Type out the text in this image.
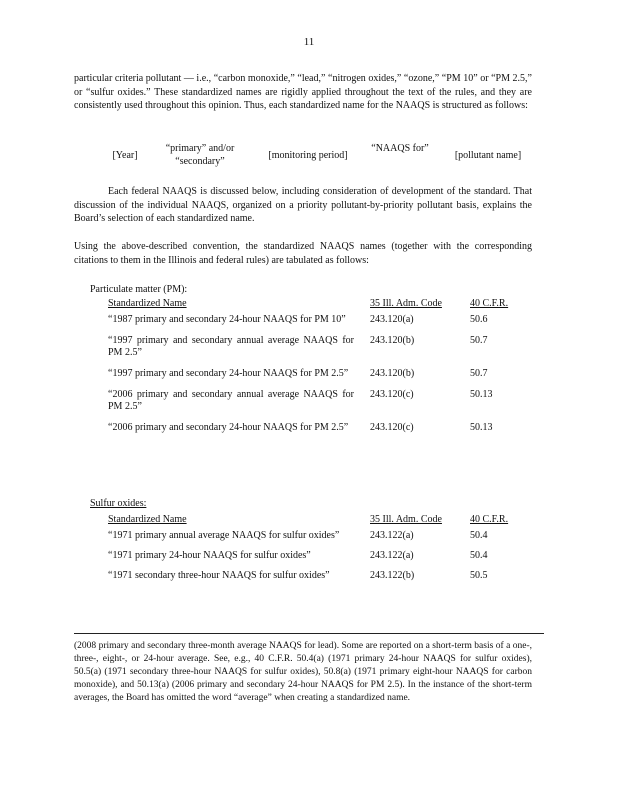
11
particular criteria pollutant — i.e., “carbon monoxide,” “lead,” “nitrogen oxides,” “ozone,” “PM 10” or “PM 2.5,” or “sulfur oxides.” These standardized names are rigidly applied throughout the text of the rules, and they are consistently used throughout this opinion. Thus, each standardized name for the NAAQS is structured as follows:
[Year]
“primary” and/or “secondary”
[monitoring period]
“NAAQS for”
[pollutant name]
Each federal NAAQS is discussed below, including consideration of development of the standard. That discussion of the individual NAAQS, organized on a priority pollutant-by-priority pollutant basis, explains the Board’s selection of each standardized name.
Using the above-described convention, the standardized NAAQS names (together with the corresponding citations to them in the Illinois and federal rules) are tabulated as follows:
Particulate matter (PM):
Standardized Name	35 Ill. Adm. Code	40 C.F.R.
“1987 primary and secondary 24-hour NAAQS for PM 10”	243.120(a)	50.6
“1997 primary and secondary annual average NAAQS for PM 2.5”
243.120(b)	50.7
“1997 primary and secondary 24-hour NAAQS for PM 2.5”	243.120(b)	50.7
“2006 primary and secondary annual average NAAQS for PM 2.5”
243.120(c)	50.13
“2006 primary and secondary 24-hour NAAQS for PM 2.5”	243.120(c)	50.13
Sulfur oxides:
Standardized Name	35 Ill. Adm. Code	40 C.F.R.
“1971 primary annual average NAAQS for sulfur oxides”	243.122(a)	50.4
“1971 primary 24-hour NAAQS for sulfur oxides”	243.122(a)	50.4
“1971 secondary three-hour NAAQS for sulfur oxides”	243.122(b)	50.5
(2008 primary and secondary three-month average NAAQS for lead). Some are reported on a short-term basis of a one-, three-, eight-, or 24-hour average. See, e.g., 40 C.F.R. 50.4(a) (1971 primary 24-hour NAAQS for sulfur oxides), 50.5(a) (1971 secondary three-hour NAAQS for sulfur oxides), 50.8(a) (1971 primary eight-hour NAAQS for carbon monoxide), and 50.13(a) (2006 primary and secondary 24-hour NAAQS for PM 2.5). In the instance of the short-term averages, the Board has omitted the word “average” when creating a standardized name.
